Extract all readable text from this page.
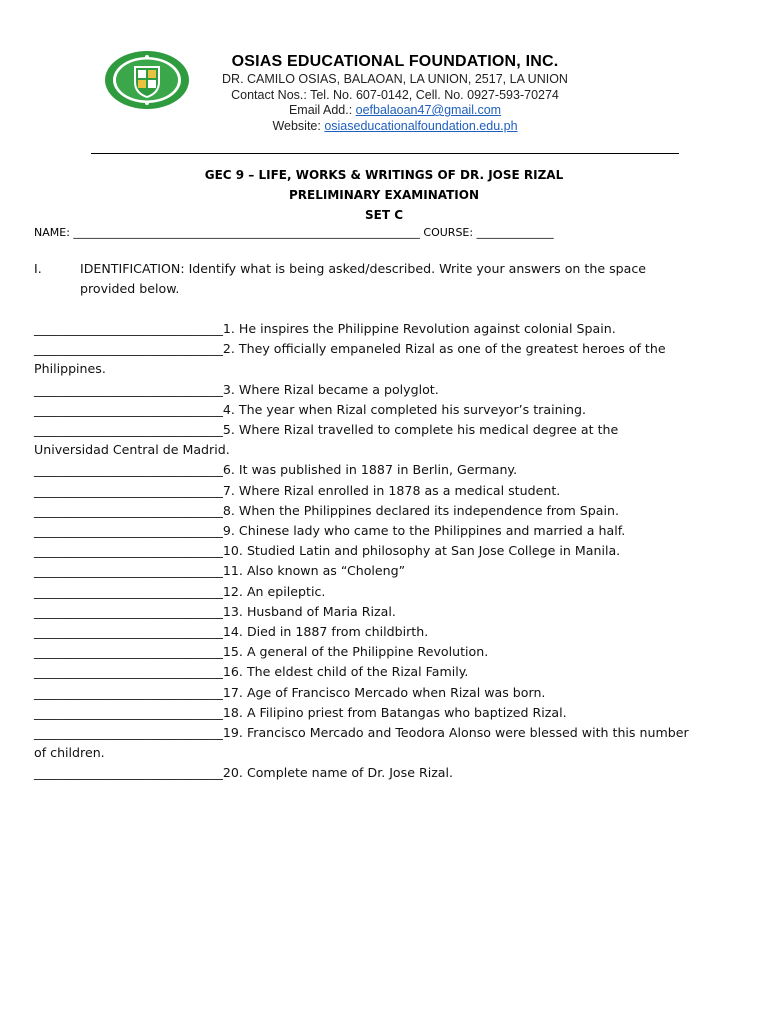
OSIAS EDUCATIONAL FOUNDATION, INC.
DR. CAMILO OSIAS, BALAOAN, LA UNION, 2517, LA UNION
Contact Nos.: Tel. No. 607-0142, Cell. No. 0927-593-70274
Email Add.: oefbalaoan47@gmail.com
Website: osiaseducationalfoundation.edu.ph
GEC 9 – LIFE, WORKS & WRITINGS OF DR. JOSE RIZAL
PRELIMINARY EXAMINATION
SET C
NAME: _______________________________________________________________ COURSE: ______________
I.	IDENTIFICATION: Identify what is being asked/described. Write your answers on the space provided below.
______________________________1. He inspires the Philippine Revolution against colonial Spain.
______________________________2. They officially empaneled Rizal as one of the greatest heroes of the Philippines.
______________________________3. Where Rizal became a polyglot.
______________________________4. The year when Rizal completed his surveyor’s training.
______________________________5. Where Rizal travelled to complete his medical degree at the Universidad Central de Madrid.
______________________________6. It was published in 1887 in Berlin, Germany.
______________________________7. Where Rizal enrolled in 1878 as a medical student.
______________________________8. When the Philippines declared its independence from Spain.
______________________________9. Chinese lady who came to the Philippines and married a half.
______________________________10. Studied Latin and philosophy at San Jose College in Manila.
______________________________11. Also known as “Choleng”
______________________________12. An epileptic.
______________________________13. Husband of Maria Rizal.
______________________________14. Died in 1887 from childbirth.
______________________________15. A general of the Philippine Revolution.
______________________________16. The eldest child of the Rizal Family.
______________________________17. Age of Francisco Mercado when Rizal was born.
______________________________18. A Filipino priest from Batangas who baptized Rizal.
______________________________19. Francisco Mercado and Teodora Alonso were blessed with this number of children.
______________________________20. Complete name of Dr. Jose Rizal.
